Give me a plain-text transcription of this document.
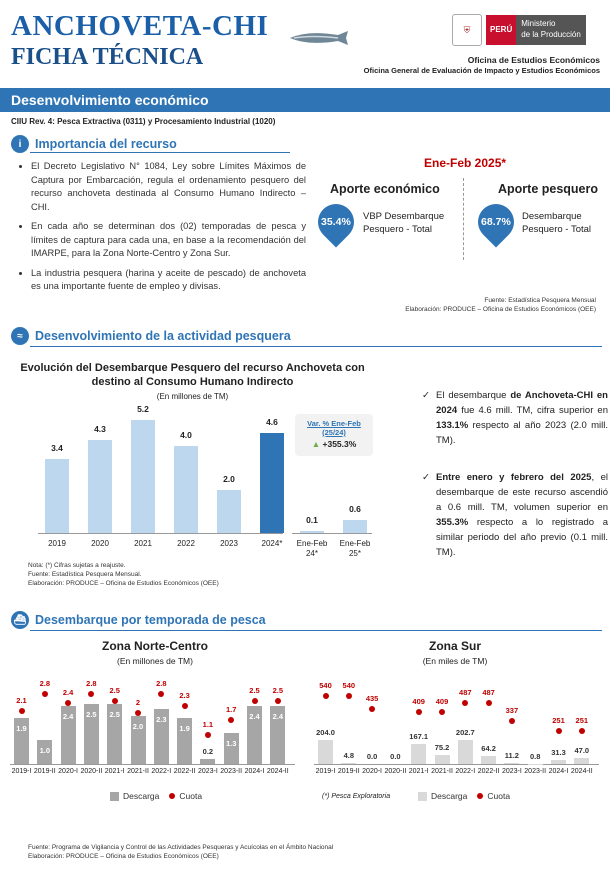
ANCHOVETA-CHI
FICHA TÉCNICA
⛨	PERÚ
Ministerio
de la Producción
Oficina de Estudios Económicos
Oficina General de Evaluación de Impacto y Estudios Económicos
Desenvolvimiento económico
CIIU Rev. 4: Pesca Extractiva (0311) y Procesamiento Industrial (1020)
i	Importancia del recurso
• El Decreto Legislativo N° 1084, Ley sobre Límites Máximos de Captura por Embarcación, regula el ordenamiento pesquero del recurso anchoveta destinada al Consumo Humano Indirecto – CHI.
• En cada año se determinan dos (02) temporadas de pesca y límites de captura para cada una, en base a la recomendación del IMARPE, para la Zona Norte-Centro y Zona Sur.
• La industria pesquera (harina y aceite de pescado) de anchoveta es una importante fuente de empleo y divisas.
Ene-Feb 2025*
Aporte económico	Aporte pesquero
35.4% VBP Desembarque Pesquero - Total
68.7% Desembarque Pesquero - Total
Fuente: Estadística Pesquera Mensual
Elaboración: PRODUCE – Oficina de Estudios Económicos (OEE)
≈ Desenvolvimiento de la actividad pesquera
Evolución del Desembarque Pesquero del recurso Anchoveta con destino al Consumo Humano Indirecto
(En millones de TM)
3.4
2019
4.3
2020
5.2
2021
4.0
2022
2.0
2023
4.6
2024*
0.1
Ene-Feb
24*
0.6
Ene-Feb
25*
Var. % Ene-Feb
(25/24)
▲ +355.3%
Nota: (*) Cifras sujetas a reajuste.
Fuente: Estadística Pesquera Mensual.
Elaboración: PRODUCE – Oficina de Estudios Económicos (OEE)
✓ El desembarque de Anchoveta-CHI en 2024 fue 4.6 mill. TM, cifra superior en 133.1% respecto al año 2023 (2.0 mill. TM).
✓ Entre enero y febrero del 2025, el desembarque de este recurso ascendió a 0.6 mill. TM, volumen superior en 355.3% respecto a lo registrado a similar periodo del año previo (0.1 mill. TM).
⛴ Desembarque por temporada de pesca
Zona Norte-Centro
(En millones de TM)
Zona Sur
(En miles de TM)
1.9
2.1
2019-I
1.0
2.8
2019-II
2.4
2.4
2020-I
2.5
2.8
2020-II
2.5
2.5
2021-I
2.0
2
2021-II
2.3
2.8
2022-I
1.9
2.3
2022-II
0.2
1.1
2023-I
1.3
1.7
2023-II
2.4
2.5
2024-I
2.4
2.5
2024-II
204.0
540
2019-I
4.8
540
2019-II
0.0
435
2020-I
0.0
2020-II
167.1
409
2021-I
75.2
409
2021-II
202.7
487
2022-I
64.2
487
2022-II
11.2
337
2023-I
0.8
2023-II
31.3
251
2024-I
47.0
251
2024-II
Descarga Cuota	(*) Pesca Exploratoria	Descarga Cuota
Fuente: Programa de Vigilancia y Control de las Actividades Pesqueras y Acuícolas en el Ámbito Nacional
Elaboración: PRODUCE – Oficina de Estudios Económicos (OEE)
